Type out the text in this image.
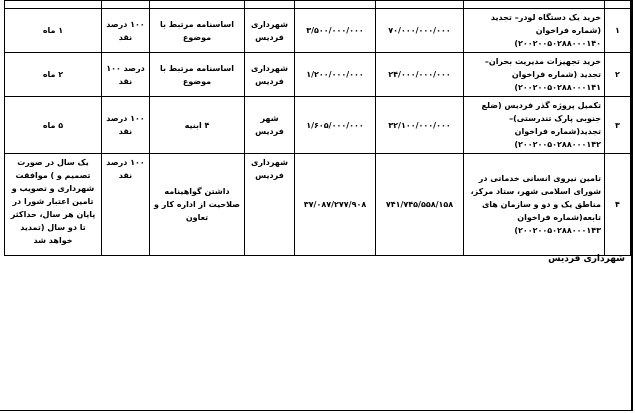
۱	خرید یک دستگاه لودر– تجدید (شماره فراخوان ۲۰۰۲۰۰۵۰۲۸۸۰۰۰۱۴۰)	۷۰/۰۰۰/۰۰۰/۰۰۰	۳/۵۰۰/۰۰۰/۰۰۰	شهرداری فردیس	اساسنامه مرتبط با موضوع	۱۰۰ درصد نقد	۱ ماه
۲	خرید تجهیزات مدیریت بحران– تجدید (شماره فراخوان ۲۰۰۲۰۰۵۰۲۸۸۰۰۰۱۴۱)	۲۴/۰۰۰/۰۰۰/۰۰۰	۱/۲۰۰/۰۰۰/۰۰۰	شهرداری فردیس	اساسنامه مرتبط با موضوع	درصد ۱۰۰ نقد	۲ ماه
۳	تکمیل پروژه گذر فردیس (ضلع جنوبی پارک تندرستی)– تجدید(شماره فراخوان ۲۰۰۲۰۰۵۰۲۸۸۰۰۰۱۴۲)	۳۲/۱۰۰/۰۰۰/۰۰۰	۱/۶۰۵/۰۰۰/۰۰۰	شهر فردیس	۴ ابنیه	۱۰۰ درصد نقد	۵ ماه
۴	تامین نیروی انسانی خدماتی در شورای اسلامی شهر، ستاد مرکز، مناطق یک و دو و سازمان های تابعه(شماره فراخوان ۲۰۰۲۰۰۵۰۲۸۸۰۰۰۱۴۳)	۷۴۱/۷۴۵/۵۵۸/۱۵۸	۳۷/۰۸۷/۲۷۷/۹۰۸	شهرداری فردیس	داشتن گواهینامه صلاحیت از اداره کار و تعاون	۱۰۰ درصد نقد	یک سال در صورت تصمیم و ) موافقت شهرداری و تصویب و تامین اعتبار شورا در پایان هر سال، حداکثر تا دو سال (تمدید خواهد شد
شهرداری فردیس
